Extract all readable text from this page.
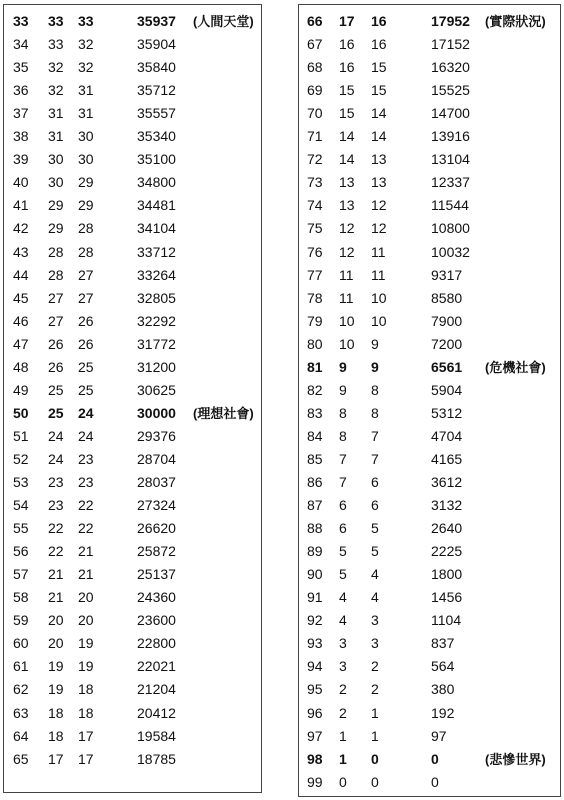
33 33 33	35937 (人間天堂)
34 33 32	35904
35 32 32	35840
36 32 31	35712
37 31 31	35557
38 31 30	35340
39 30 30	35100
40 30 29	34800
41 29 29	34481
42 29 28	34104
43 28 28	33712
44 28 27	33264
45 27 27	32805
46 27 26	32292
47 26 26	31772
48 26 25	31200
49 25 25	30625
50 25 24	30000 (理想社會)
51 24 24	29376
52 24 23	28704
53 23 23	28037
54 23 22	27324
55 22 22	26620
56 22 21	25872
57 21 21	25137
58 21 20	24360
59 20 20	23600
60 20 19	22800
61 19 19	22021
62 19 18	21204
63 18 18	20412
64 18 17	19584
65 17 17	18785
66 17 16	17952 (實際狀況)
67 16 16	17152
68 16 15	16320
69 15 15	15525
70 15 14	14700
71 14 14	13916
72 14 13	13104
73 13 13	12337
74 13 12	11544
75 12 12	10800
76 12 11	10032
77 11 11	9317
78 11 10	8580
79 10 10	7900
80 10 9	7200
81 9 9	6561 (危機社會)
82 9 8	5904
83 8 8	5312
84 8 7	4704
85 7 7	4165
86 7 6	3612
87 6 6	3132
88 6 5	2640
89 5 5	2225
90 5 4	1800
91 4 4	1456
92 4 3	1104
93 3 3	837
94 3 2	564
95 2 2	380
96 2 1	192
97 1 1	97
98 1 0	0	(悲慘世界)
99 0 0	0
